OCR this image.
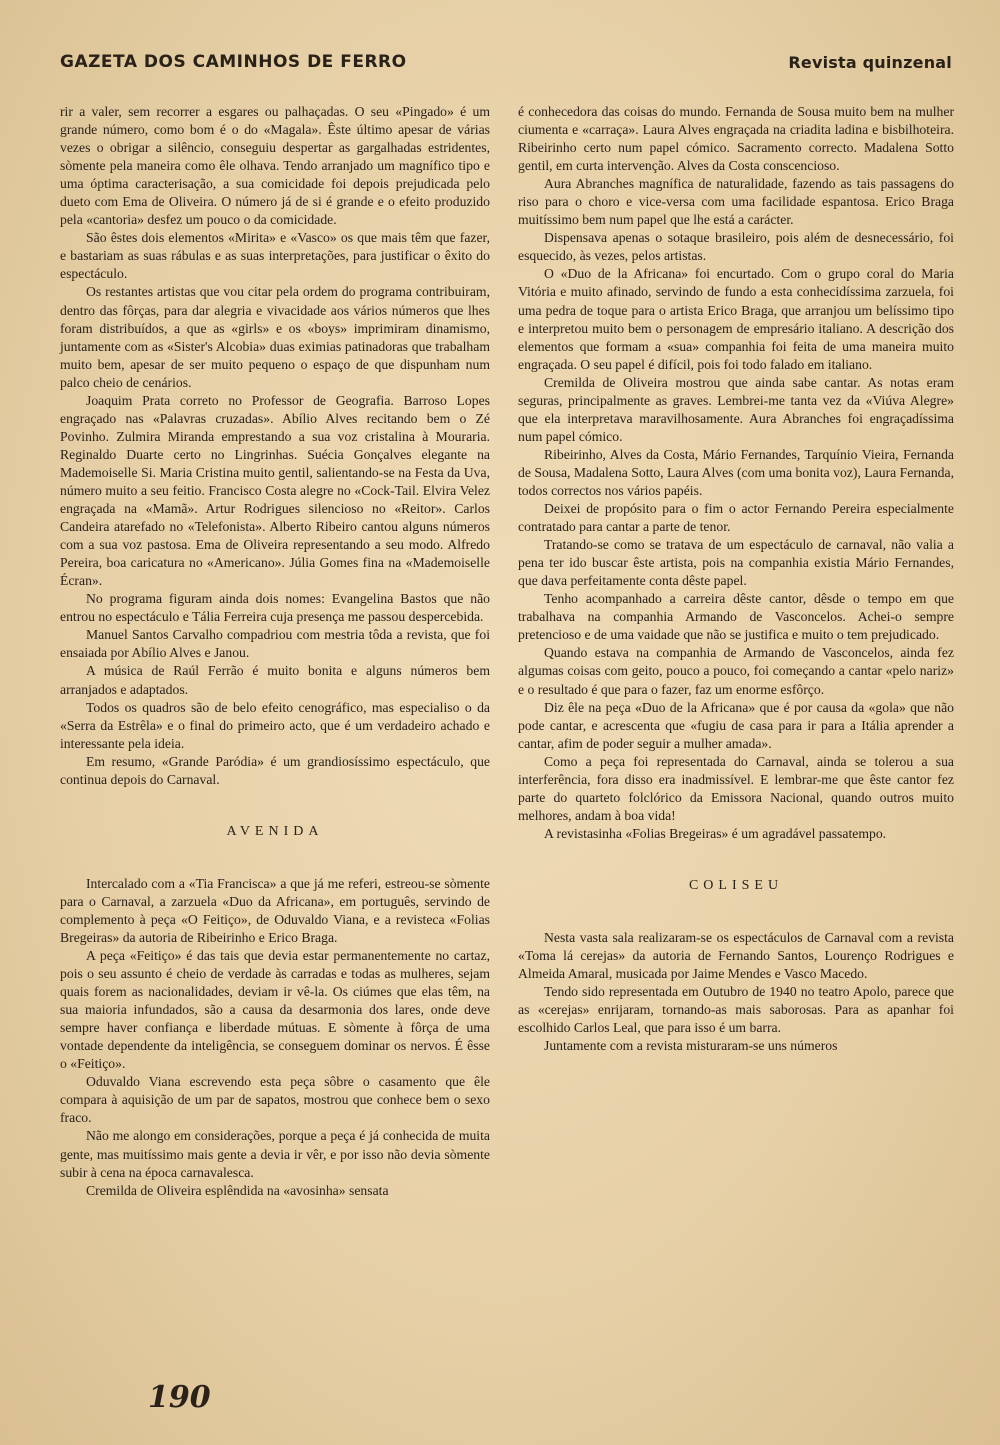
GAZETA DOS CAMINHOS DE FERRO	Revista quinzenal

rir a valer, sem recorrer a esgares ou palhaçadas. O seu «Pingado» é um grande número, como bom é o do «Magala». Êste último apesar de várias vezes o obrigar a silêncio, conseguiu despertar as gargalhadas estridentes, sòmente pela maneira como êle olhava. Tendo arranjado um magnífico tipo e uma óptima caracterisação, a sua comicidade foi depois prejudicada pelo dueto com Ema de Oliveira. O número já de si é grande e o efeito produzido pela «cantoria» desfez um pouco o da comicidade.

São êstes dois elementos «Mirita» e «Vasco» os que mais têm que fazer, e bastariam as suas rábulas e as suas interpretações, para justificar o êxito do espectáculo.

Os restantes artistas que vou citar pela ordem do programa contribuiram, dentro das fôrças, para dar alegria e vivacidade aos vários números que lhes foram distribuídos, a que as «girls» e os «boys» imprimiram dinamismo, juntamente com as «Sister's Alcobia» duas eximias patinadoras que trabalham muito bem, apesar de ser muito pequeno o espaço de que dispunham num palco cheio de cenários.

Joaquim Prata correto no Professor de Geografia. Barroso Lopes engraçado nas «Palavras cruzadas». Abílio Alves recitando bem o Zé Povinho. Zulmira Miranda emprestando a sua voz cristalina à Mouraria. Reginaldo Duarte certo no Lingrinhas. Suécia Gonçalves elegante na Mademoiselle Si. Maria Cristina muito gentil, salientando-se na Festa da Uva, número muito a seu feitio. Francisco Costa alegre no «Cock-Tail. Elvira Velez engraçada na «Mamã». Artur Rodrigues silencioso no «Reitor». Carlos Candeira atarefado no «Telefonista». Alberto Ribeiro cantou alguns números com a sua voz pastosa. Ema de Oliveira representando a seu modo. Alfredo Pereira, boa caricatura no «Americano». Júlia Gomes fina na «Mademoiselle Écran».

No programa figuram ainda dois nomes: Evangelina Bastos que não entrou no espectáculo e Tália Ferreira cuja presença me passou despercebida.

Manuel Santos Carvalho compadriou com mestria tôda a revista, que foi ensaiada por Abílio Alves e Janou.

A música de Raúl Ferrão é muito bonita e alguns números bem arranjados e adaptados.

Todos os quadros são de belo efeito cenográfico, mas especialiso o da «Serra da Estrêla» e o final do primeiro acto, que é um verdadeiro achado e interessante pela ideia.

Em resumo, «Grande Paródia» é um grandiosíssimo espectáculo, que continua depois do Carnaval.

AVENIDA

Intercalado com a «Tia Francisca» a que já me referi, estreou-se sòmente para o Carnaval, a zarzuela «Duo da Africana», em português, servindo de complemento à peça «O Feitiço», de Oduvaldo Viana, e a revisteca «Folias Bregeiras» da autoria de Ribeirinho e Erico Braga.

A peça «Feitiço» é das tais que devia estar permanentemente no cartaz, pois o seu assunto é cheio de verdade às carradas e todas as mulheres, sejam quais forem as nacionalidades, deviam ir vê-la. Os ciúmes que elas têm, na sua maioria infundados, são a causa da desarmonia dos lares, onde deve sempre haver confiança e liberdade mútuas. E sòmente à fôrça de uma vontade dependente da inteligência, se conseguem dominar os nervos. É êsse o «Feitiço».

Oduvaldo Viana escrevendo esta peça sôbre o casamento que êle compara à aquisição de um par de sapatos, mostrou que conhece bem o sexo fraco.

Não me alongo em considerações, porque a peça é já conhecida de muita gente, mas muitíssimo mais gente a devia ir vêr, e por isso não devia sòmente subir à cena na época carnavalesca.

Cremilda de Oliveira esplêndida na «avosinha» sensata

é conhecedora das coisas do mundo. Fernanda de Sousa muito bem na mulher ciumenta e «carraça». Laura Alves engraçada na criadita ladina e bisbilhoteira. Ribeirinho certo num papel cómico. Sacramento correcto. Madalena Sotto gentil, em curta intervenção. Alves da Costa conscencioso.

Aura Abranches magnífica de naturalidade, fazendo as tais passagens do riso para o choro e vice-versa com uma facilidade espantosa. Erico Braga muitíssimo bem num papel que lhe está a carácter.

Dispensava apenas o sotaque brasileiro, pois além de desnecessário, foi esquecido, às vezes, pelos artistas.

O «Duo de la Africana» foi encurtado. Com o grupo coral do Maria Vitória e muito afinado, servindo de fundo a esta conhecidíssima zarzuela, foi uma pedra de toque para o artista Erico Braga, que arranjou um belíssimo tipo e interpretou muito bem o personagem de empresário italiano. A descrição dos elementos que formam a «sua» companhia foi feita de uma maneira muito engraçada. O seu papel é difícil, pois foi todo falado em italiano.

Cremilda de Oliveira mostrou que ainda sabe cantar. As notas eram seguras, principalmente as graves. Lembrei-me tanta vez da «Viúva Alegre» que ela interpretava maravilhosamente. Aura Abranches foi engraçadíssima num papel cómico.

Ribeirinho, Alves da Costa, Mário Fernandes, Tarquínio Vieira, Fernanda de Sousa, Madalena Sotto, Laura Alves (com uma bonita voz), Laura Fernanda, todos correctos nos vários papéis.

Deixei de propósito para o fim o actor Fernando Pereira especialmente contratado para cantar a parte de tenor.

Tratando-se como se tratava de um espectáculo de carnaval, não valia a pena ter ido buscar êste artista, pois na companhia existia Mário Fernandes, que dava perfeitamente conta dêste papel.

Tenho acompanhado a carreira dêste cantor, dêsde o tempo em que trabalhava na companhia Armando de Vasconcelos. Achei-o sempre pretencioso e de uma vaidade que não se justifica e muito o tem prejudicado.

Quando estava na companhia de Armando de Vasconcelos, ainda fez algumas coisas com geito, pouco a pouco, foi começando a cantar «pelo nariz» e o resultado é que para o fazer, faz um enorme esfôrço.

Diz êle na peça «Duo de la Africana» que é por causa da «gola» que não pode cantar, e acrescenta que «fugiu de casa para ir para a Itália aprender a cantar, afim de poder seguir a mulher amada».

Como a peça foi representada do Carnaval, ainda se tolerou a sua interferência, fora disso era inadmissível. E lembrar-me que êste cantor fez parte do quarteto folclórico da Emissora Nacional, quando outros muito melhores, andam à boa vida!

A revistasinha «Folias Bregeiras» é um agradável passatempo.

COLISEU

Nesta vasta sala realizaram-se os espectáculos de Carnaval com a revista «Toma lá cerejas» da autoria de Fernando Santos, Lourenço Rodrigues e Almeida Amaral, musicada por Jaime Mendes e Vasco Macedo.

Tendo sido representada em Outubro de 1940 no teatro Apolo, parece que as «cerejas» enrijaram, tornando-as mais saborosas. Para as apanhar foi escolhido Carlos Leal, que para isso é um barra.

Juntamente com a revista misturaram-se uns números

190
